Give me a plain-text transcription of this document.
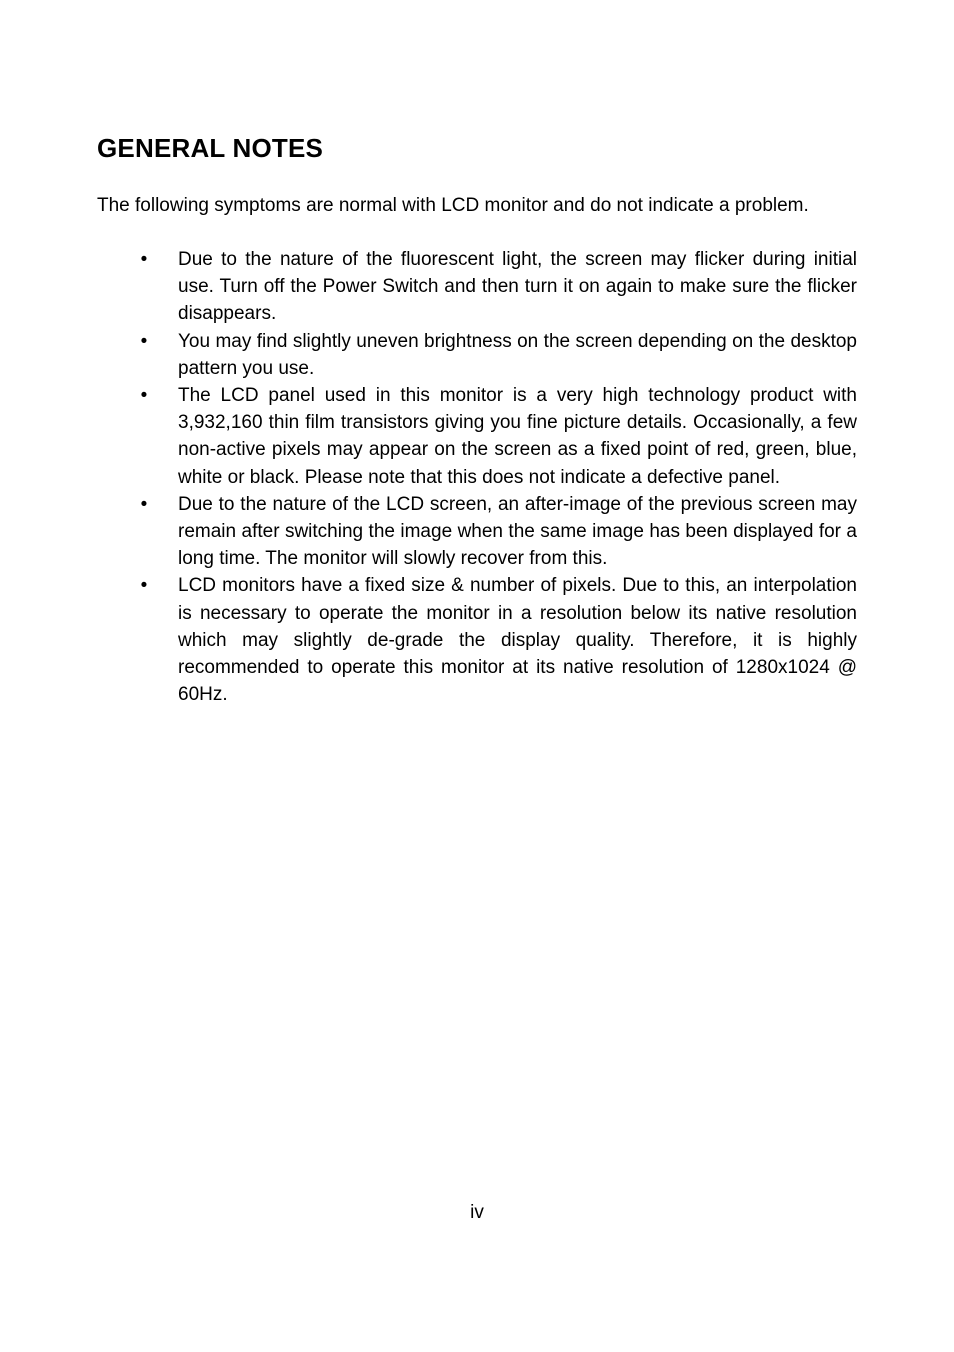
GENERAL NOTES

The following symptoms are normal with LCD monitor and do not indicate a problem.

• Due to the nature of the fluorescent light, the screen may flicker during initial use. Turn off the Power Switch and then turn it on again to make sure the flicker disappears.
• You may find slightly uneven brightness on the screen depending on the desktop pattern you use.
• The LCD panel used in this monitor is a very high technology product with 3,932,160 thin film transistors giving you fine picture details. Occasionally, a few non-active pixels may appear on the screen as a fixed point of red, green, blue, white or black. Please note that this does not indicate a defective panel.
• Due to the nature of the LCD screen, an after-image of the previous screen may remain after switching the image when the same image has been displayed for a long time. The monitor will slowly recover from this.
• LCD monitors have a fixed size & number of pixels. Due to this, an interpolation is necessary to operate the monitor in a resolution below its native resolution which may slightly de-grade the display quality. Therefore, it is highly recommended to operate this monitor at its native resolution of 1280x1024 @ 60Hz.

iv
